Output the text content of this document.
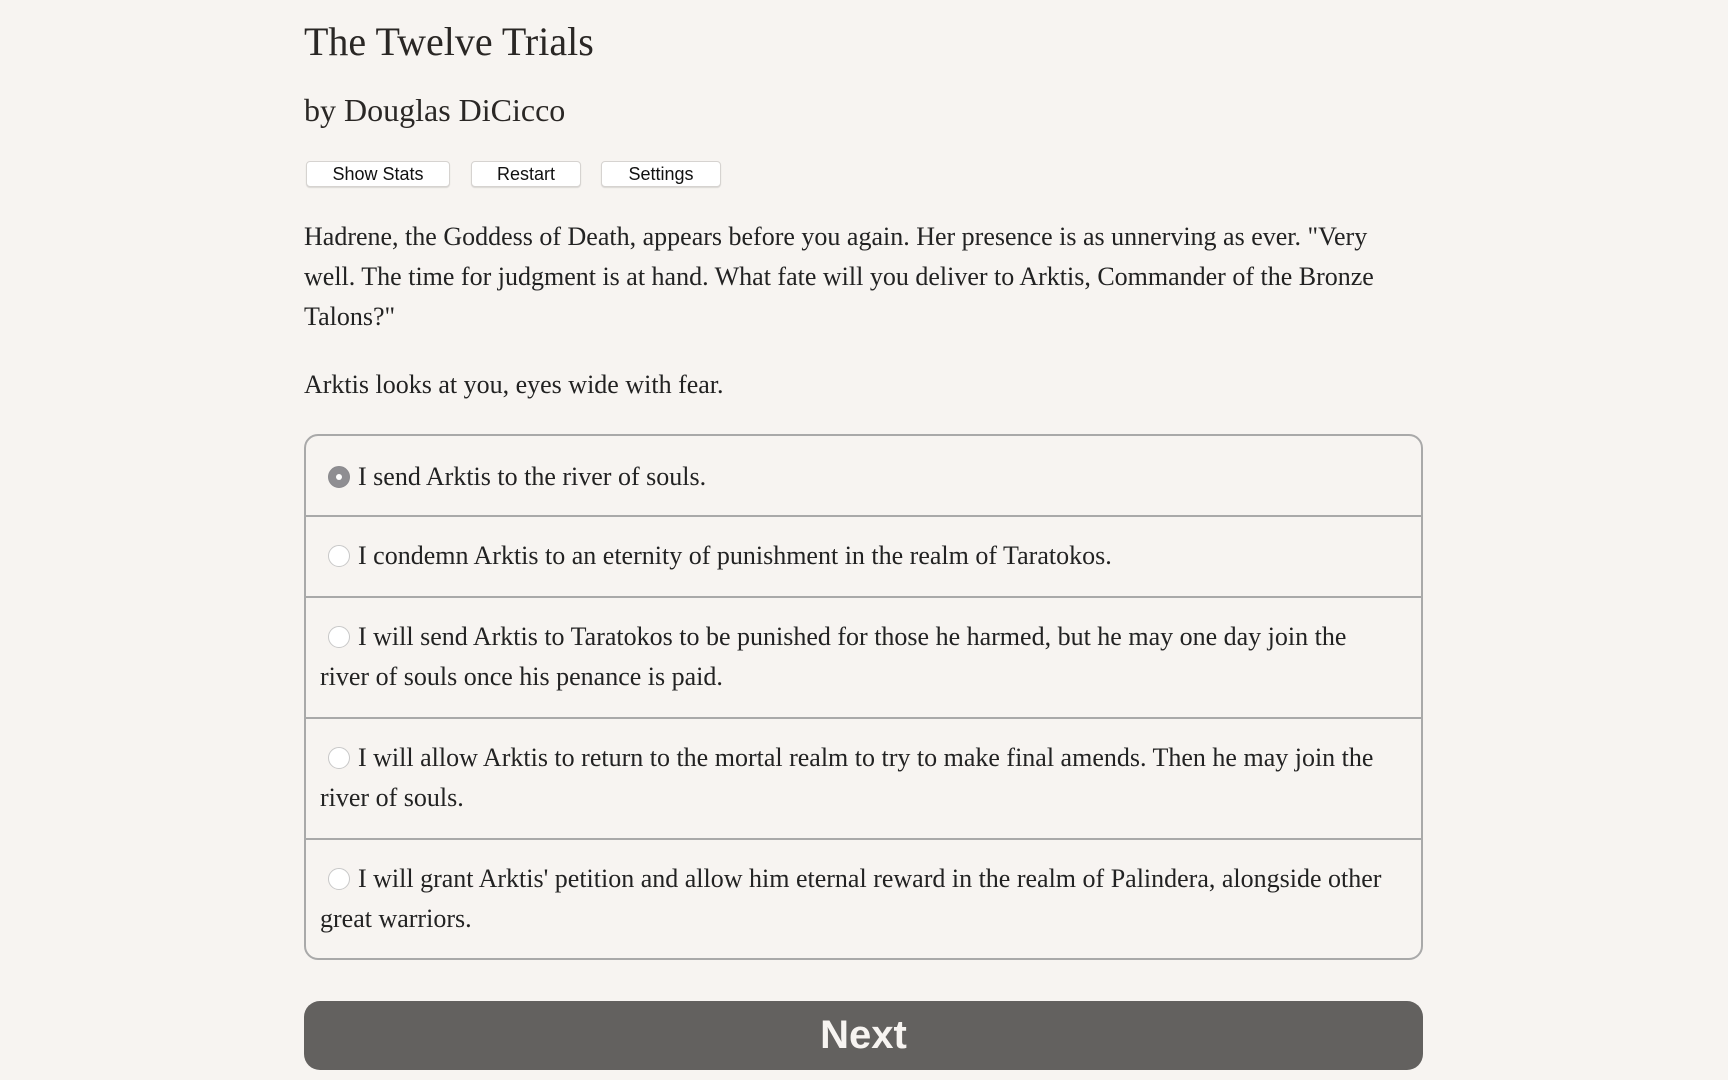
The Twelve Trials
by Douglas DiCicco
Show Stats	Restart	Settings

Hadrene, the Goddess of Death, appears before you again. Her presence is as unnerving as ever. "Very well. The time for judgment is at hand. What fate will you deliver to Arktis, Commander of the Bronze Talons?"

Arktis looks at you, eyes wide with fear.

I send Arktis to the river of souls.
I condemn Arktis to an eternity of punishment in the realm of Taratokos.
I will send Arktis to Taratokos to be punished for those he harmed, but he may one day join the river of souls once his penance is paid.
I will allow Arktis to return to the mortal realm to try to make final amends. Then he may join the river of souls.
I will grant Arktis' petition and allow him eternal reward in the realm of Palindera, alongside other great warriors.
Next
